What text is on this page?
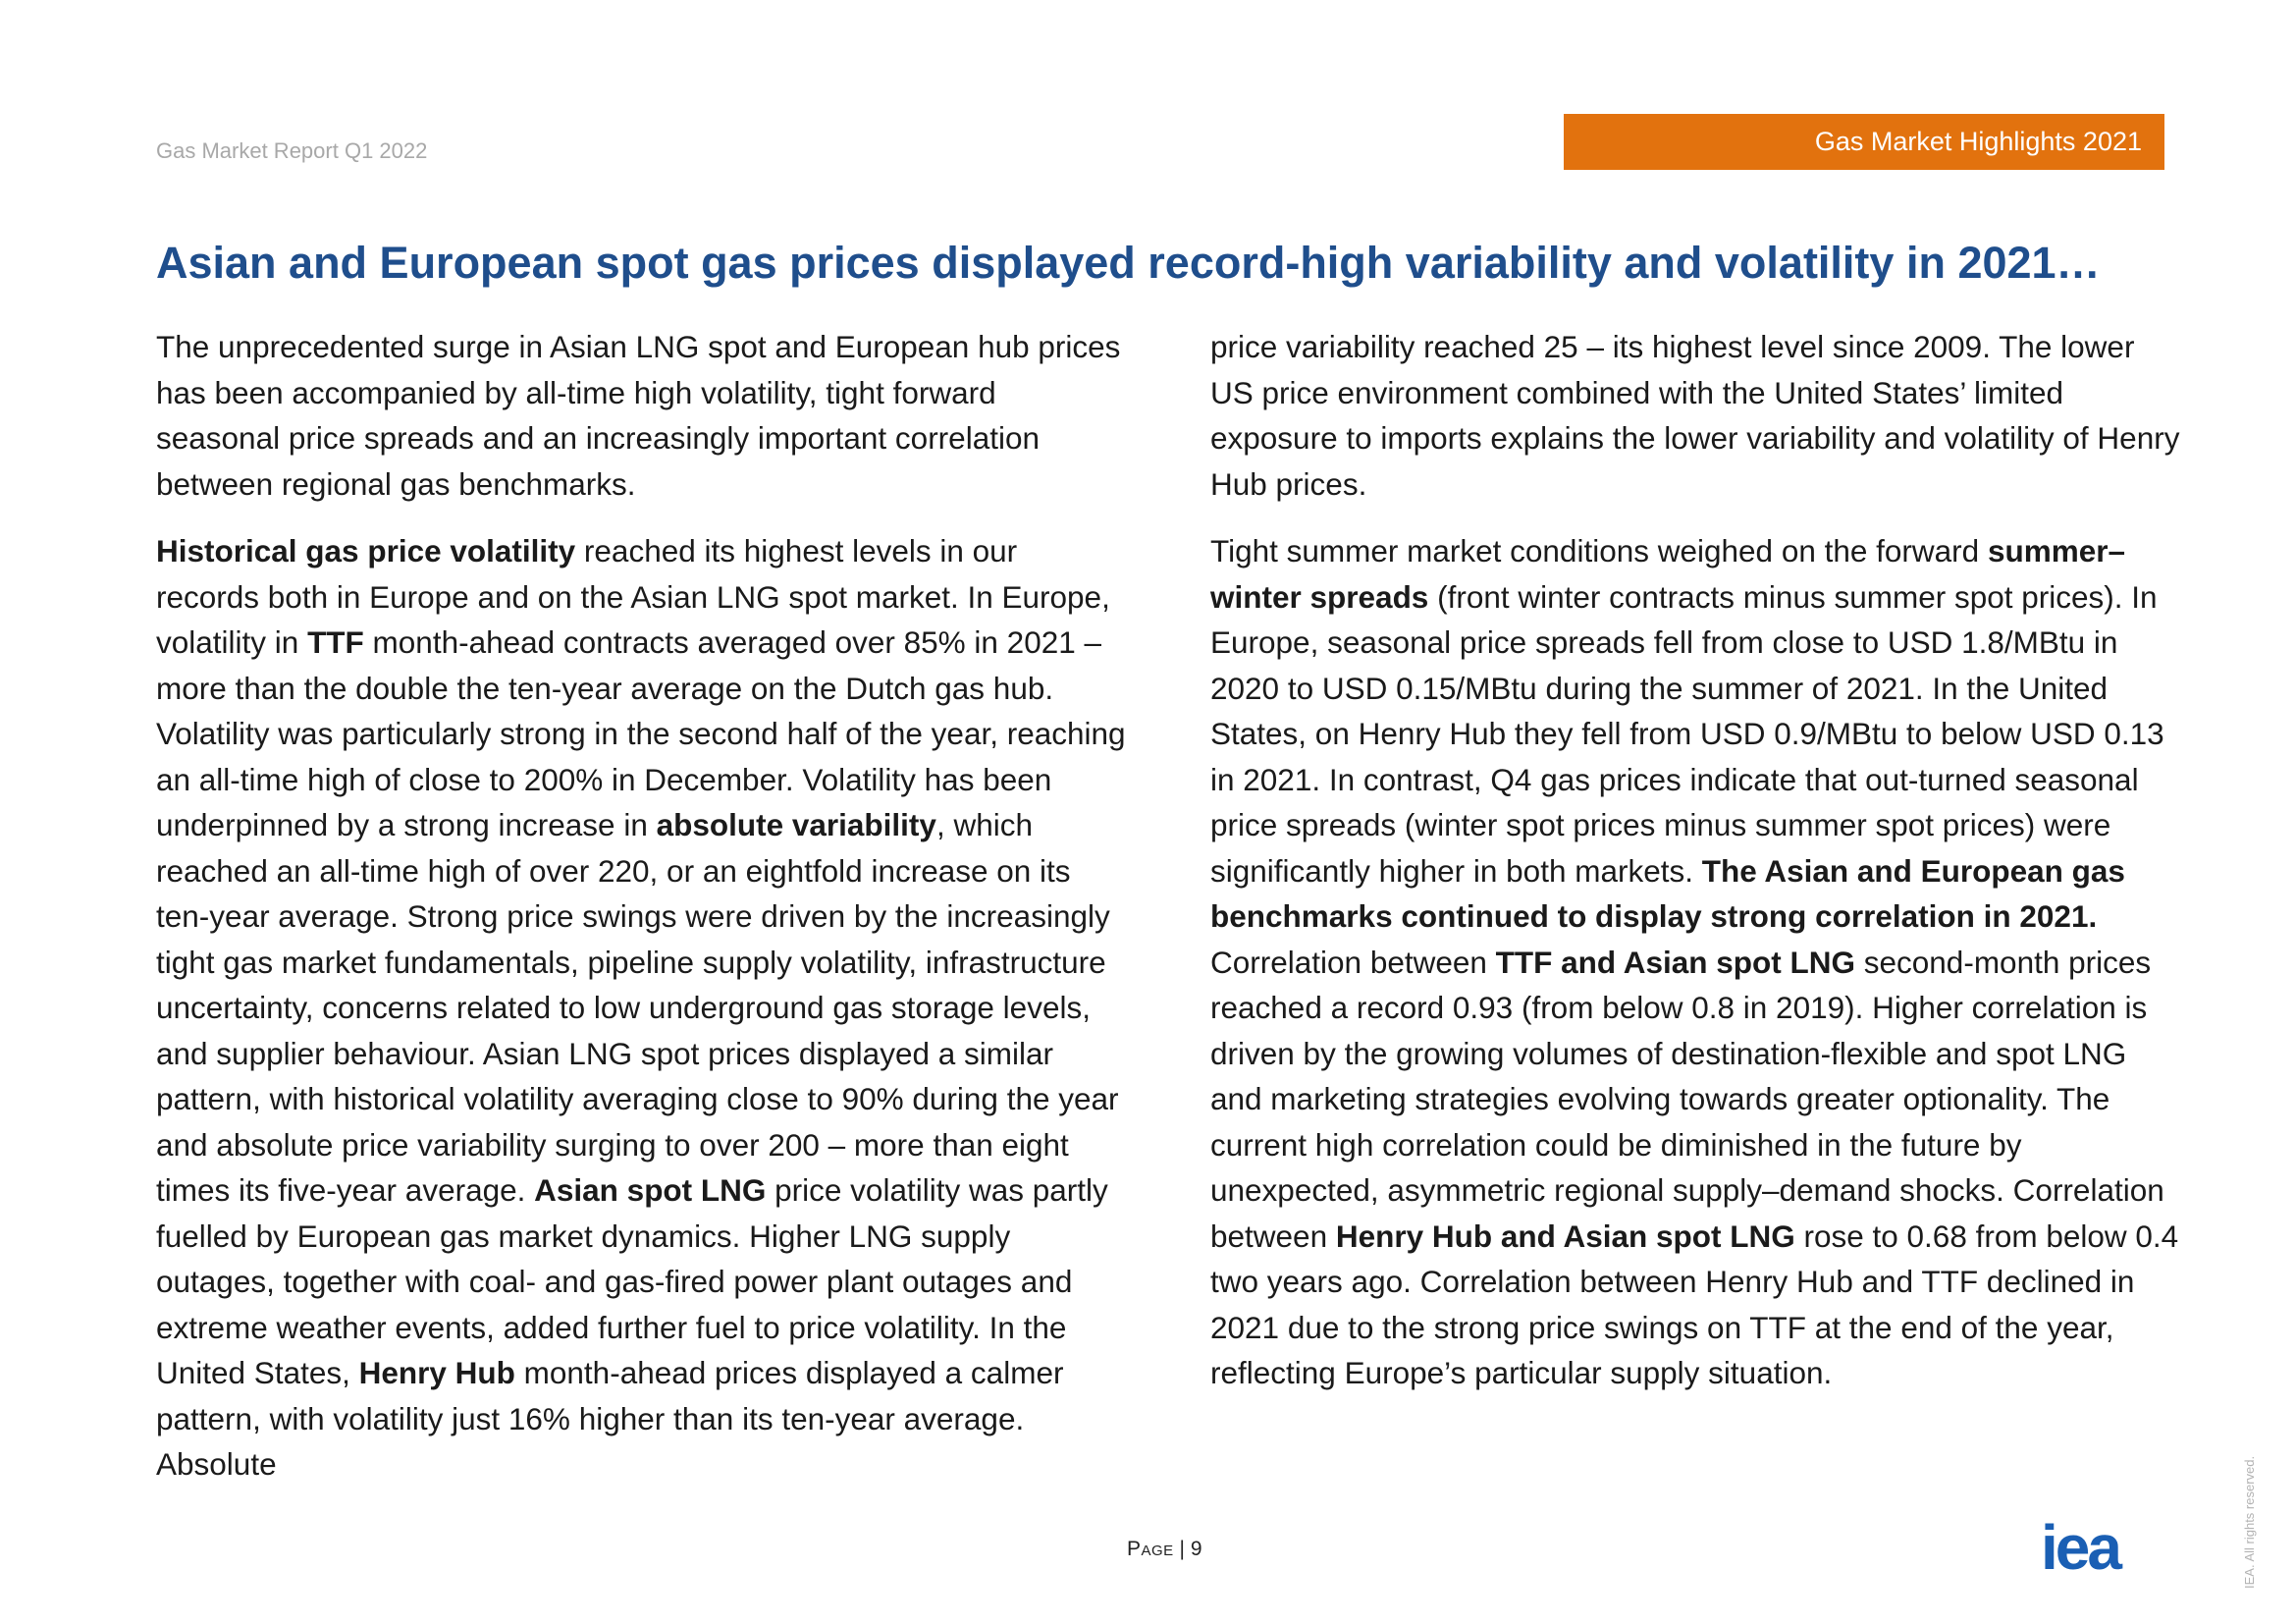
Gas Market Report Q1 2022	Gas Market Highlights 2021
Asian and European spot gas prices displayed record-high variability and volatility in 2021…

The unprecedented surge in Asian LNG spot and European hub prices has been accompanied by all-time high volatility, tight forward seasonal price spreads and an increasingly important correlation between regional gas benchmarks.

Historical gas price volatility reached its highest levels in our records both in Europe and on the Asian LNG spot market. In Europe, volatility in TTF month-ahead contracts averaged over 85% in 2021 – more than the double the ten-year average on the Dutch gas hub. Volatility was particularly strong in the second half of the year, reaching an all-time high of close to 200% in December. Volatility has been underpinned by a strong increase in absolute variability, which reached an all-time high of over 220, or an eightfold increase on its ten-year average. Strong price swings were driven by the increasingly tight gas market fundamentals, pipeline supply volatility, infrastructure uncertainty, concerns related to low underground gas storage levels, and supplier behaviour. Asian LNG spot prices displayed a similar pattern, with historical volatility averaging close to 90% during the year and absolute price variability surging to over 200 – more than eight times its five-year average. Asian spot LNG price volatility was partly fuelled by European gas market dynamics. Higher LNG supply outages, together with coal- and gas-fired power plant outages and extreme weather events, added further fuel to price volatility. In the United States, Henry Hub month-ahead prices displayed a calmer pattern, with volatility just 16% higher than its ten-year average. Absolute

price variability reached 25 – its highest level since 2009. The lower US price environment combined with the United States’ limited exposure to imports explains the lower variability and volatility of Henry Hub prices.

Tight summer market conditions weighed on the forward summer–winter spreads (front winter contracts minus summer spot prices). In Europe, seasonal price spreads fell from close to USD 1.8/MBtu in 2020 to USD 0.15/MBtu during the summer of 2021. In the United States, on Henry Hub they fell from USD 0.9/MBtu to below USD 0.13 in 2021. In contrast, Q4 gas prices indicate that out-turned seasonal price spreads (winter spot prices minus summer spot prices) were significantly higher in both markets. The Asian and European gas benchmarks continued to display strong correlation in 2021. Correlation between TTF and Asian spot LNG second-month prices reached a record 0.93 (from below 0.8 in 2019). Higher correlation is driven by the growing volumes of destination-flexible and spot LNG and marketing strategies evolving towards greater optionality. The current high correlation could be diminished in the future by unexpected, asymmetric regional supply–demand shocks. Correlation between Henry Hub and Asian spot LNG rose to 0.68 from below 0.4 two years ago. Correlation between Henry Hub and TTF declined in 2021 due to the strong price swings on TTF at the end of the year, reflecting Europe’s particular supply situation.

Page | 9	iea	IEA. All rights reserved.
